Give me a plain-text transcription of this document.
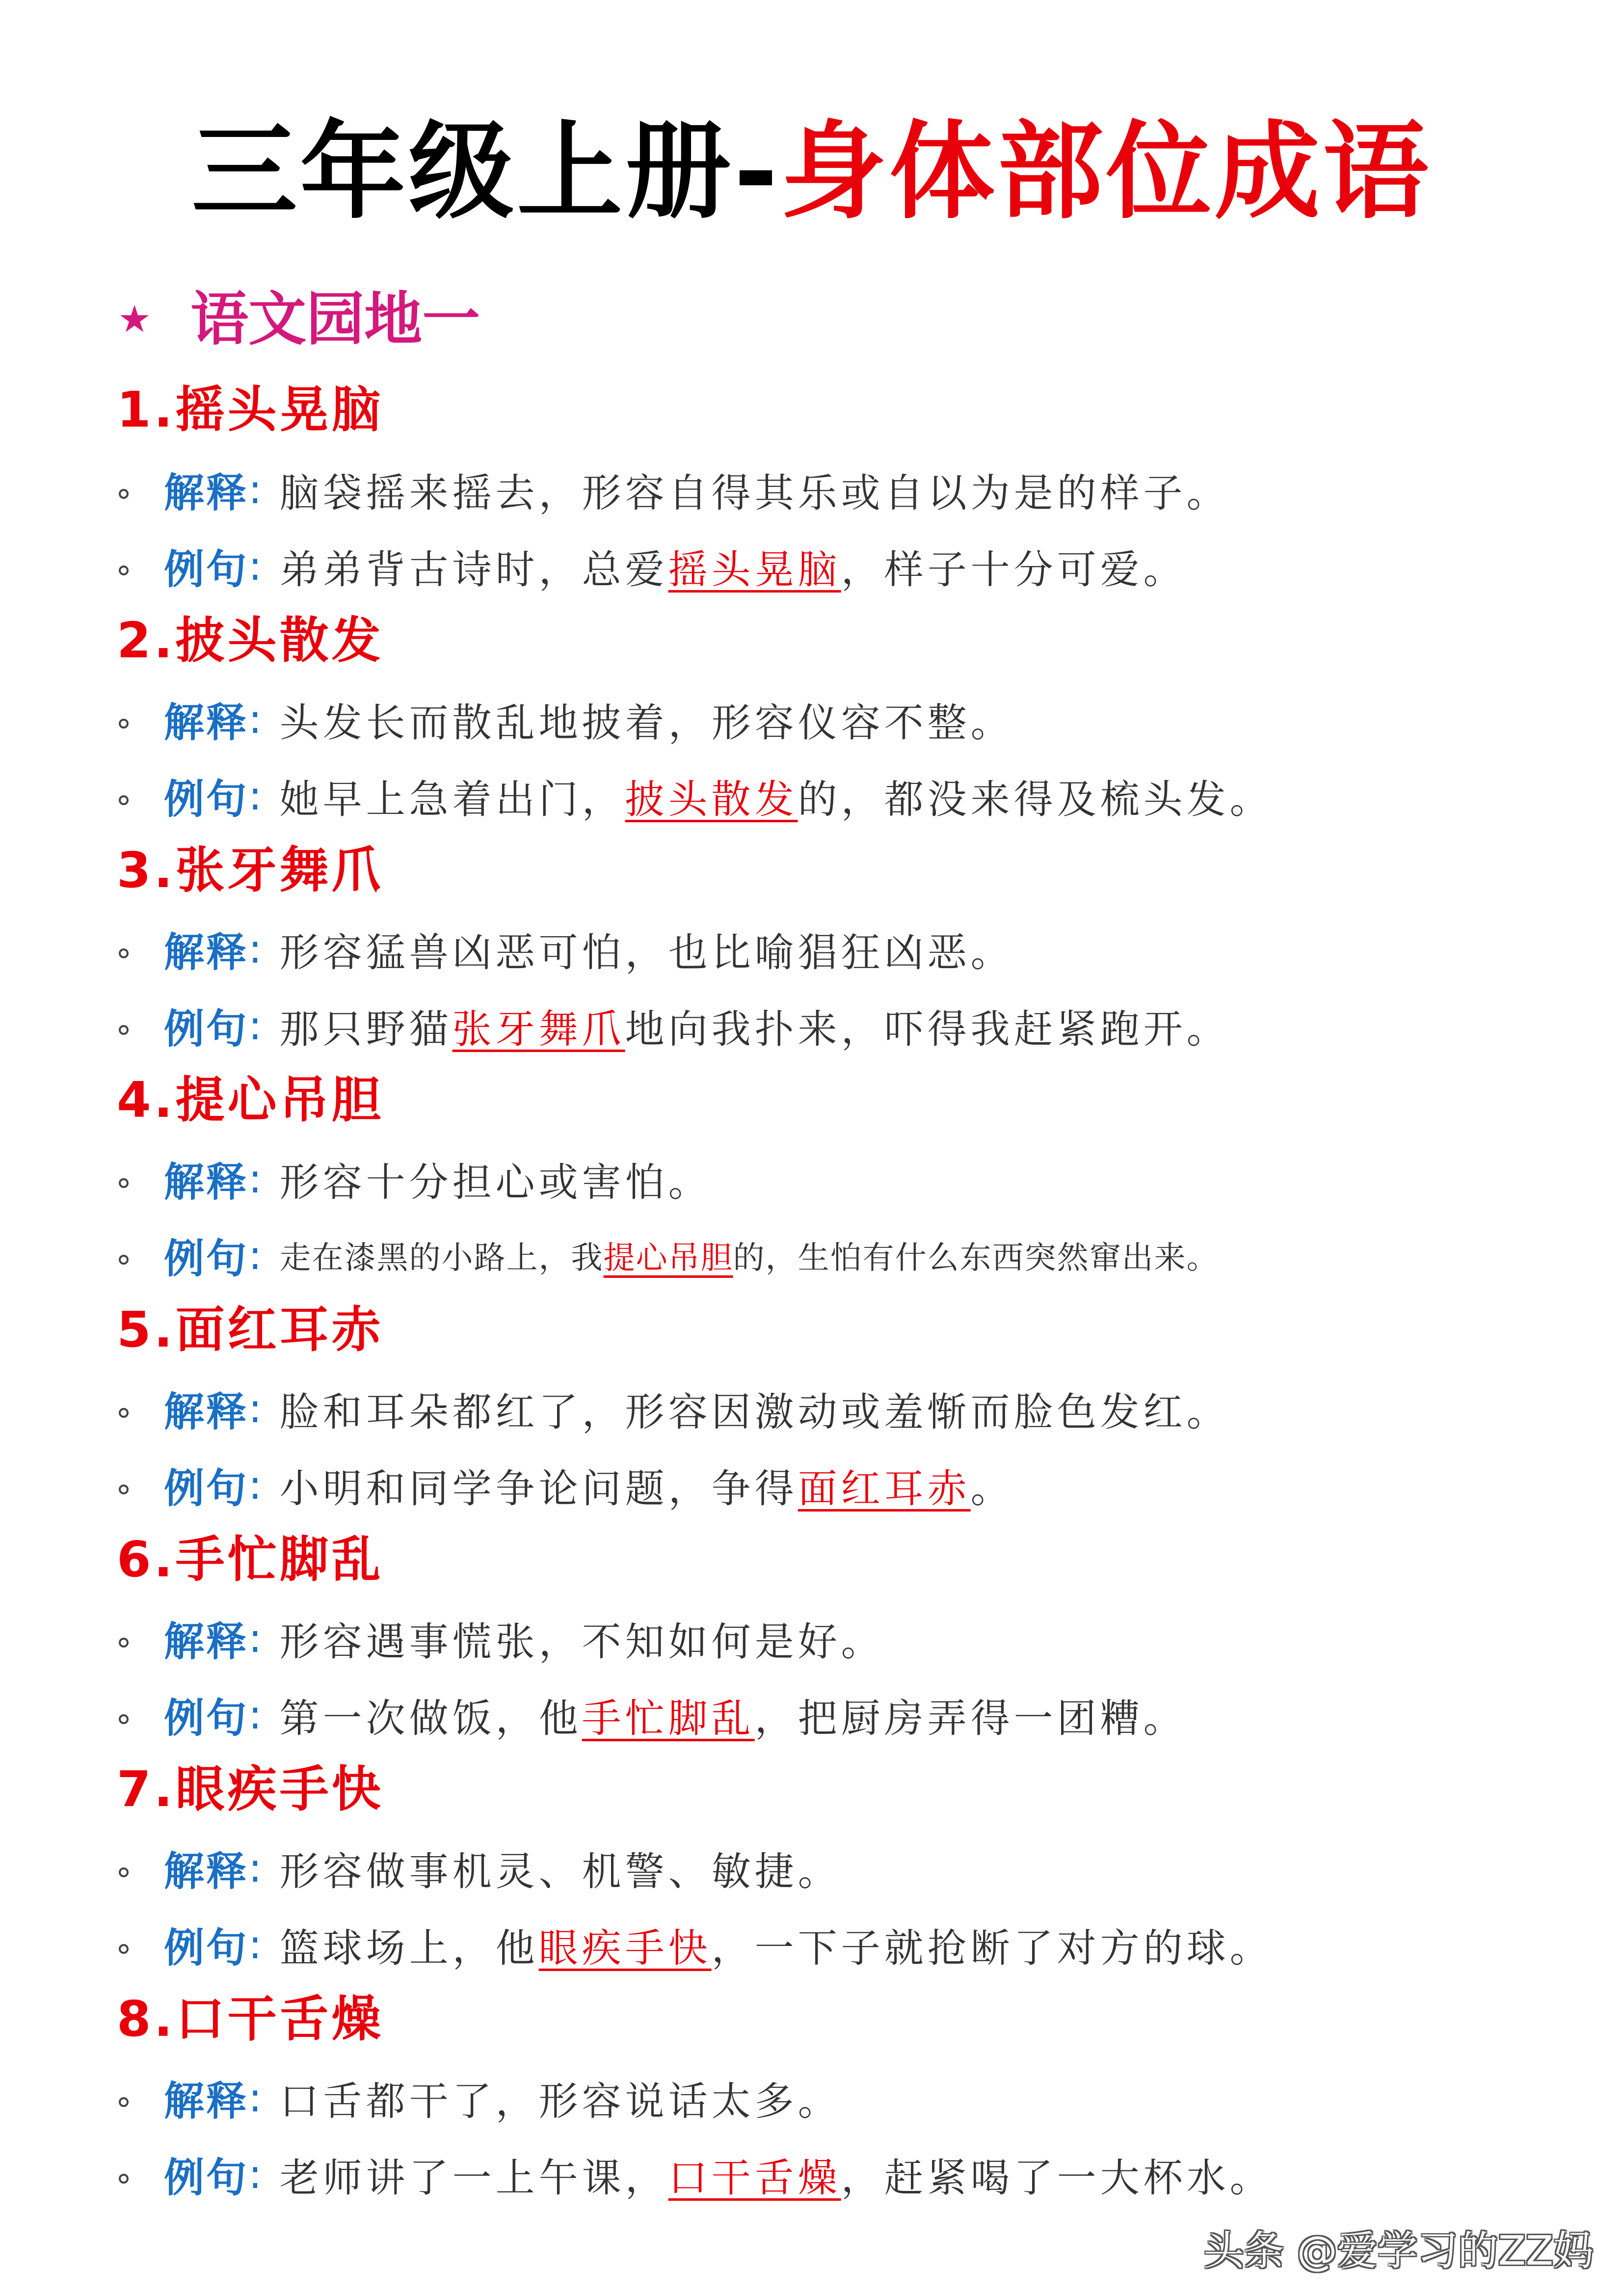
三年级上册-身体部位成语
★ 语文园地一
1.摇头晃脑
解释 : 脑袋摇来摇去，形容自得其乐或自以为是的样子。
例句 : 弟弟背古诗时，总爱摇头晃脑，样子十分可爱。
2.披头散发
解释 : 头发长而散乱地披着，形容仪容不整。
例句 : 她早上急着出门，披头散发的，都没来得及梳头发。
3.张牙舞爪
解释 : 形容猛兽凶恶可怕，也比喻猖狂凶恶。
例句 : 那只野猫张牙舞爪地向我扑来，吓得我赶紧跑开。
4.提心吊胆
解释 : 形容十分担心或害怕。
例句 : 走在漆黑的小路上，我提心吊胆的，生怕有什么东西突然窜出来。
5.面红耳赤
解释 : 脸和耳朵都红了，形容因激动或羞惭而脸色发红。
例句 : 小明和同学争论问题，争得面红耳赤。
6.手忙脚乱
解释 : 形容遇事慌张，不知如何是好。
例句 : 第一次做饭，他手忙脚乱，把厨房弄得一团糟。
7.眼疾手快
解释 : 形容做事机灵、机警、敏捷。
例句 : 篮球场上，他眼疾手快，一下子就抢断了对方的球。
8.口干舌燥
解释 : 口舌都干了，形容说话太多。
例句 : 老师讲了一上午课，口干舌燥，赶紧喝了一大杯水。
头条 @爱学习的ZZ妈
